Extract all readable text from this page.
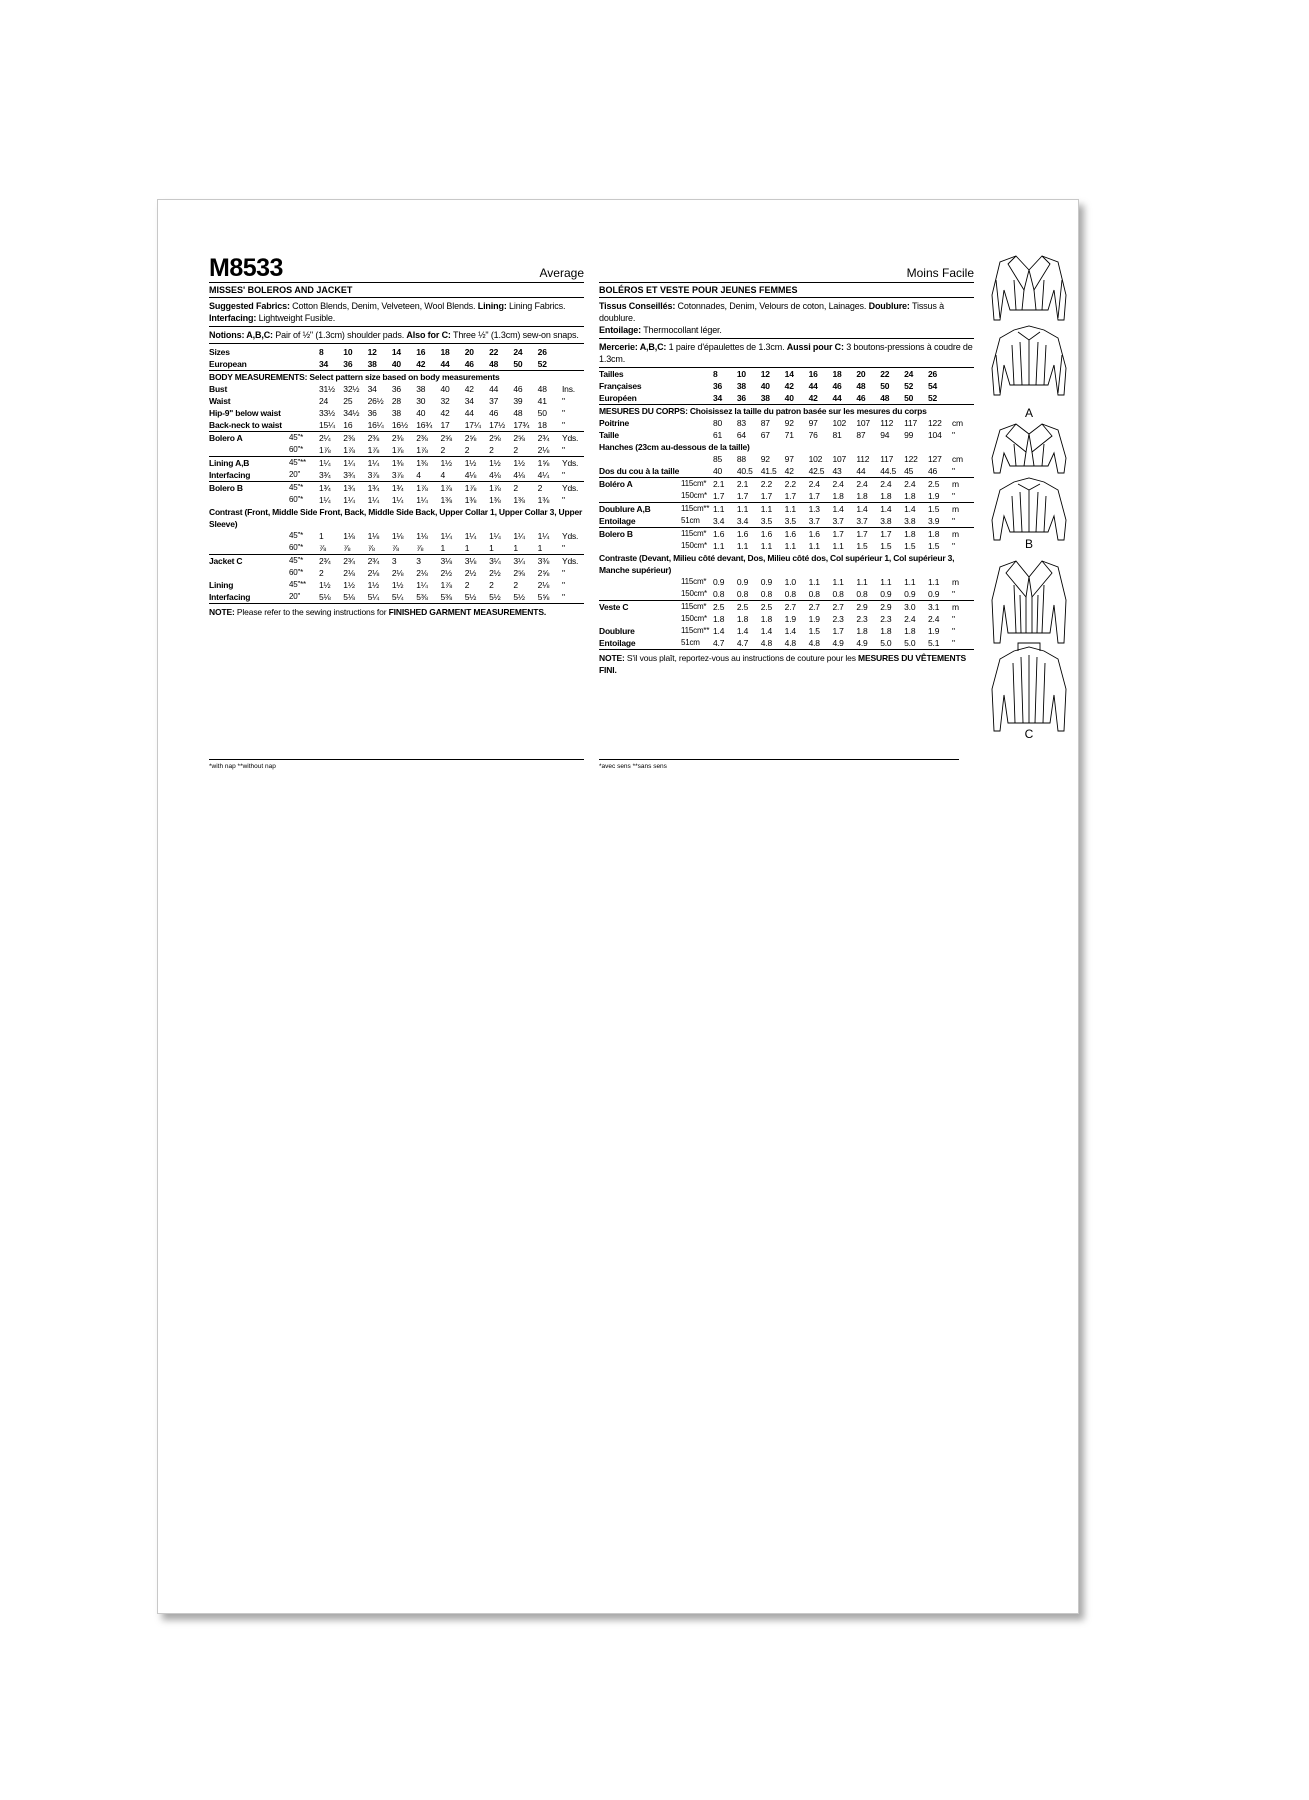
M8533	Average
MISSES' BOLEROS AND JACKET
Suggested Fabrics: Cotton Blends, Denim, Velveteen, Wool Blends. Lining: Lining Fabrics.
Interfacing: Lightweight Fusible.
Notions: A,B,C: Pair of ½" (1.3cm) shoulder pads. Also for C: Three ½" (1.3cm) sew-on snaps.
Sizes		8	10	12	14	16	18	20	22	24	26	
European		34	36	38	40	42	44	46	48	50	52	
BODY MEASUREMENTS: Select pattern size based on body measurements												
Bust		31½	32½	34	36	38	40	42	44	46	48	Ins.
Waist		24	25	26½	28	30	32	34	37	39	41	"
Hip-9" below waist		33½	34½	36	38	40	42	44	46	48	50	"
Back-neck to waist		15¼	16	16¼	16½	16¾	17	17¼	17½	17¾	18	"
Bolero A	45"*	2¼	2⅜	2⅜	2⅜	2⅜	2⅝	2⅝	2⅝	2⅝	2¾	Yds.
	60"*	1⅞	1⅞	1⅞	1⅞	1⅞	2	2	2	2	2⅛	"
Lining A,B	45"**	1¼	1¼	1¼	1⅜	1⅜	1½	1½	1½	1½	1⅝	Yds.
Interfacing	20"	3¾	3¾	3⅞	3⅞	4	4	4⅛	4⅛	4⅛	4¼	"
Bolero B	45"*	1¾	1¾	1¾	1¾	1⅞	1⅞	1⅞	1⅞	2	2	Yds.
	60"*	1¼	1¼	1¼	1¼	1¼	1⅜	1⅜	1⅜	1⅜	1⅜	"
Contrast (Front, Middle Side Front, Back, Middle Side Back, Upper Collar 1, Upper Collar 3, Upper Sleeve)												
	45"*	1	1⅛	1⅛	1⅛	1⅛	1¼	1¼	1¼	1¼	1¼	Yds.
	60"*	⅞	⅞	⅞	⅞	⅞	1	1	1	1	1	"
Jacket C	45"*	2¾	2¾	2¾	3	3	3⅛	3⅛	3¼	3¼	3⅜	Yds.
	60"*	2	2⅛	2⅛	2⅛	2⅛	2½	2½	2½	2⅝	2⅝	"
Lining	45"**	1½	1½	1½	1½	1¼	1⅞	2	2	2	2⅛	"
Interfacing	20"	5⅛	5⅛	5¼	5¼	5⅜	5⅜	5½	5½	5½	5⅝	"
NOTE: Please refer to the sewing instructions for FINISHED GARMENT MEASUREMENTS.
Moins Facile
BOLÉROS ET VESTE POUR JEUNES FEMMES
Tissus Conseillés: Cotonnades, Denim, Velours de coton, Lainages. Doublure: Tissus à doublure.
Entoilage: Thermocollant léger.
Mercerie: A,B,C: 1 paire d'épaulettes de 1.3cm. Aussi pour C: 3 boutons-pressions à coudre de 1.3cm.
Tailles		8	10	12	14	16	18	20	22	24	26	
Françaises		36	38	40	42	44	46	48	50	52	54	
Européen		34	36	38	40	42	44	46	48	50	52	
MESURES DU CORPS: Choisissez la taille du patron basée sur les mesures du corps												
Poitrine		80	83	87	92	97	102	107	112	117	122	cm
Taille		61	64	67	71	76	81	87	94	99	104	"
Hanches (23cm au-dessous de la taille)												
		85	88	92	97	102	107	112	117	122	127	cm
Dos du cou à la taille		40	40.5	41.5	42	42.5	43	44	44.5	45	46	"
Boléro A	115cm*	2.1	2.1	2.2	2.2	2.4	2.4	2.4	2.4	2.4	2.5	m
	150cm*	1.7	1.7	1.7	1.7	1.7	1.8	1.8	1.8	1.8	1.9	"
Doublure A,B	115cm**	1.1	1.1	1.1	1.1	1.3	1.4	1.4	1.4	1.4	1.5	m
Entoilage	51cm	3.4	3.4	3.5	3.5	3.7	3.7	3.7	3.8	3.8	3.9	"
Bolero B	115cm*	1.6	1.6	1.6	1.6	1.6	1.7	1.7	1.7	1.8	1.8	m
	150cm*	1.1	1.1	1.1	1.1	1.1	1.1	1.5	1.5	1.5	1.5	"
Contraste (Devant, Milieu côté devant, Dos, Milieu côté dos, Col supérieur 1, Col supérieur 3, Manche supérieur)												
	115cm*	0.9	0.9	0.9	1.0	1.1	1.1	1.1	1.1	1.1	1.1	m
	150cm*	0.8	0.8	0.8	0.8	0.8	0.8	0.8	0.9	0.9	0.9	"
Veste C	115cm*	2.5	2.5	2.5	2.7	2.7	2.7	2.9	2.9	3.0	3.1	m
	150cm*	1.8	1.8	1.8	1.9	1.9	2.3	2.3	2.3	2.4	2.4	"
Doublure	115cm**	1.4	1.4	1.4	1.4	1.5	1.7	1.8	1.8	1.8	1.9	"
Entoilage	51cm	4.7	4.7	4.8	4.8	4.8	4.9	4.9	5.0	5.0	5.1	"
NOTE: S'il vous plaît, reportez-vous au instructions de couture pour les MESURES DU VÊTEMENTS FINI.
*with nap **without nap	*avec sens **sans sens
A
B
C
